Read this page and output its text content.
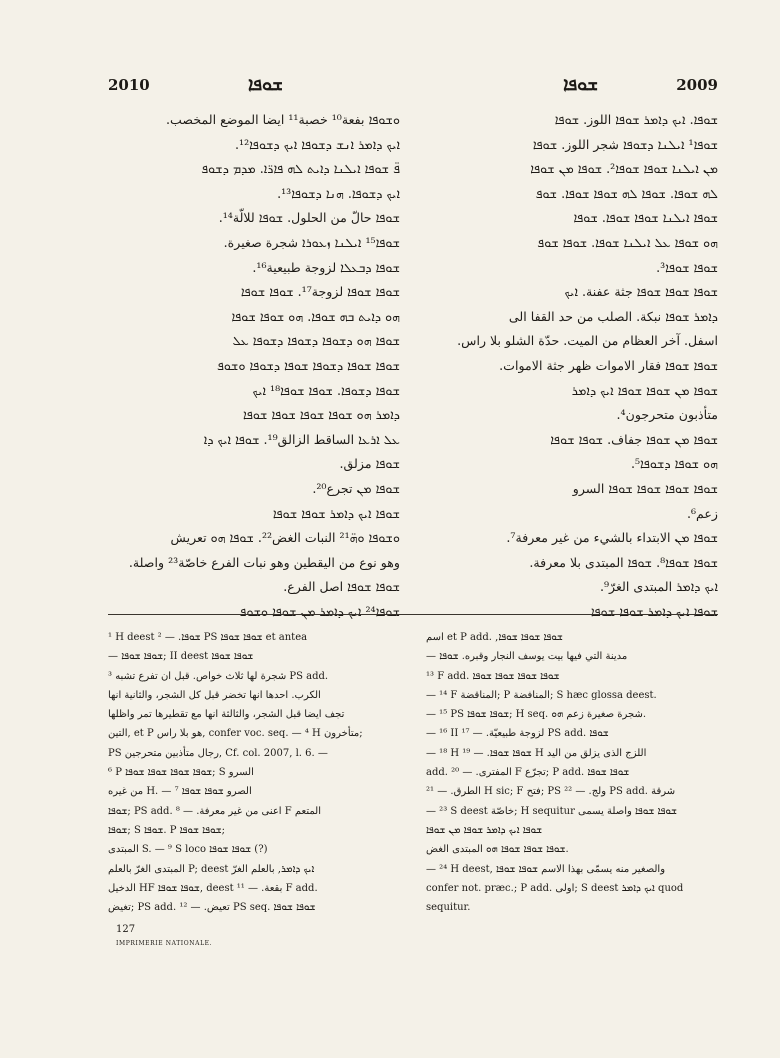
2010	ܫܘܦܐ	ܫܘܦܐ	2009

ܘܫܘܦܐ بفعة¹⁰ خصبة¹¹ ايضا الموضع المخصب.

ܐܝܟ ܕܐܡܪ ܐܢܫ ܕܫܘܦܐ ܐܝܟ ܕܫܘܦܐ¹².

ܦ̈ ܫܘܦܐ ܐܝܠܢܐ ܕܐܝܬ ܠܗ ܦܐܪ̈ܐ. ܡܕܡ ܕܫܘܦ

ܐܝܟ ܕܫܘܦܐ. ܗܢܐ ܕܫܘܦܐ¹³.

ܫܘܦܐ حالّ من الحلول. ܫܘܦܐ للالّة¹⁴.

ܫܘܦܐ¹⁵ ܐܝܠܢܐ ܙܥܘܪܐ شجرة صغيرة.

ܫܘܦܐ ܕܒܥܠܐ لزوجة طبيعية¹⁶.

ܫܘܦܐ ܫܘܦܐ لزوجة¹⁷. ܫܘܦܐ ܫܘܦܐ

ܗܘ ܕܐܝܬ ܒܗ ܫܘܦܐ. ܗܘ ܫܘܦܐ ܫܘܦܐ

ܫܘܦܐ ܗܘ ܕܫܘܦܐ ܕܫܘܦܐ ܕܫܘܦܐ ܥܠ

ܫܘܦܐ ܫܘܦܐ ܕܫܘܦܐ ܫܘܦܐ ܕܫܘܦܐ ܘܫܘܦ

ܫܘܦܐ ܕܫܘܦܐ. ܫܘܦܐ ܫܘܦܐ¹⁸ ܐܝܟ

ܕܐܡܪ ܗܘ ܫܘܦܐ ܫܘܦܐ ܫܘܦܐ ܫܘܦܐ

ܥܠ ܐܪܥܐ الساقط الزالق¹⁹. ܫܘܦܐ ܐܝܟ ܕܐ

ܫܘܦܐ مزلق.

ܫܘܦܐ ܡܢ تجرع²⁰.

ܫܘܦܐ ܐܝܟ ܕܐܡܪ ܫܘܦܐ ܫܘܦܐ

ܘܫܘܦܐ ܘܗ̈²¹ النبات الغض²². ܫܘܦܐ ܗܘ تعريش

وهو نوع من اليقطين وهو نبات الفرع خاصّة²³ واصلة.

ܫܘܦܐ ܫܘܦܐ اصل الفرع.

ܫܘܦܐ²⁴ ܐܝܟ ܕܐܡܪ ܡܢ ܫܘܦܐ ܘܫܘܦ

ܫܘܦܐ. ܐܝܟ ܕܐܡܪ ܫܘܦܐ اللوز. ܫܘܦܐ

ܫܘܦܐ¹ ܐܝܠܢܐ ܕܫܘܦܐ شجر اللوز. ܫܘܦܐ

ܡܢ ܐܝܠܢܐ ܫܘܦܐ ܫܘܦܐ². ܫܘܦܐ ܡܢ ܫܘܦܐ

ܠܗ ܫܘܦܐ. ܫܘܦܐ ܠܗ ܫܘܦܐ ܫܘܦܐ. ܫܘܦ

ܫܘܦܐ ܐܝܠܢܐ ܫܘܦܐ ܫܘܦܐ. ܫܘܦܐ

ܗܘ ܫܘܦܐ ܥܠ ܐܝܠܢܐ ܫܘܦܐ. ܫܘܦܐ ܫܘܦ

ܫܘܦܐ ܫܘܦܐ³.

ܫܘܦܐ ܫܘܦܐ ܫܘܦܐ جثة عفنة. ܐܝܟ

ܕܐܡܪ ܫܘܦܐ نبكة. الصلب من حد القفا الى

اسفل. آخر العظام من الميت. حدّة الشلو بلا راس.

ܫܘܦܐ ܫܘܦܐ فقار الاموات ظهر جثة الاموات.

ܫܘܦܐ ܡܢ ܫܘܦܐ ܫܘܦܐ ܐܝܟ ܕܐܡܪ

متأذبون متحرجون⁴.

ܫܘܦܐ ܡܢ ܫܘܦܐ جفاف. ܫܘܦܐ ܫܘܦܐ

ܗܘ ܫܘܦܐ ܕܫܘܦܐ⁵.

ܫܘܦܐ ܫܘܦܐ ܫܘܦܐ ܫܘܦܐ السرو

زعم⁶.

ܫܘܦܐ ܡܢ الابتداء بالشيء من غير معرفة⁷.

ܫܘܦܐ ܫܘܦܐ⁸. ܫܘܦܐ المبتدى بلا معرفة.

ܐܝܟ ܕܐܡܪ المبتدى الغرّ⁹.

ܫܘܦܐ ܐܝܟ ܕܐܡܪ ܫܘܦܐ ܫܘܦܐ

¹ H deest ܫܘܦܐ. — ² PS ܫܘܦܐ ܫܘܦܐ et antea

— ܫܘܦܐ ܫܘܦܐ; II deest ܫܘܦܐ ܫܘܦܐ

شجرة لها ثلاث خواص. قبل ان تفرع تشبه ³ PS add.

الكرب. احدها انها تخضر قبل كل الشجر، والثانية انها

تجف ايضا قبل الشجر، والثالثة انها مع تقطيرها تمر واظلها

التين, et P هو بلا راس, confer voc. seq. — ⁴ H متأخرون;

PS رجال متأذبين متحرجين, Cf. col. 2007, l. 6. —

⁶ P ܫܘܦܐ ܫܘܦܐ ܫܘܦܐ ܫܘܦܐ; S السرو

من غيره H. — ⁷ الصرو ܫܘܦܐ ܫܘܦܐ

ܫܘܦܐ; PS add. اعنى من غير معرفة. — ⁸ F المتعم

ܫܘܦܐ; S ܫܘܦܐ. P ܫܘܦܐ ܫܘܦܐ;

المبتدى S. — ⁹ S loco ܫܘܦܐ ܫܘܦܐ (?)

المبتدى الغرّ بالعلم P; deest ܐܝܟ ܕܐܡܪ, بالعلم الغرّ

الدخيل HF ܫܘܦܐ ܫܘܦܐ, deest بقعة. — ¹¹ F add.

تغيض; PS add. تعيض. — ¹² PS seq. ܫܘܦܐ ܫܘܦܐ

اسم et P add. ,ܫܘܦܐ ܫܘܦܐ ܫܘܦܐ

— مدينة التي فيها بيت يوسف النجار وقبره. ܫܘܦܐ

¹³ F add. ܫܘܦܐ ܫܘܦܐ ܫܘܦܐ ܫܘܦܐ

— ¹⁴ F المناقضة; P المنافضة; S hæc glossa deest.

— ¹⁵ PS ܫܘܦܐ ܫܘܦܐ; H seq. شجرة صغيرة زعم ܗܘ.

— ¹⁶ II لزوجة طبيعيّة. — ¹⁷ PS add. ܫܘܦܐ

— ¹⁸ H ܫܘܦܐ ܫܘܦܐ. — ¹⁹ H اللزج الذى يزلق من اليد

add. المفترى. — ²⁰ F تجرّع; P add. ܫܘܦܐ ܫܘܦܐ

الطرق. — ²¹ H sic; F فتح; PS ولج. — ²² PS add. شرقة

— ²³ S deest خاصّة; H sequitur ܫܘܦܐ ܫܘܦܐ واصلة يسمى

ܫܘܦܐ ܐܝܟ ܕܐܡܪ ܫܘܦܐ ܡܢ ܫܘܦܐ

ܫܘܦܐ ܫܘܦܐ ܫܘܦܐ ܗܘ المبتدى الغض.

— ²⁴ H deest, والصغير منه يسمّى بهذا الاسم ܫܘܦܐ ܫܘܦܐ

confer not. præc.; P add. اولى; S deest ܐܝܟ ܕܐܡܪ quod

sequitur.

127
IMPRIMERIE NATIONALE.
